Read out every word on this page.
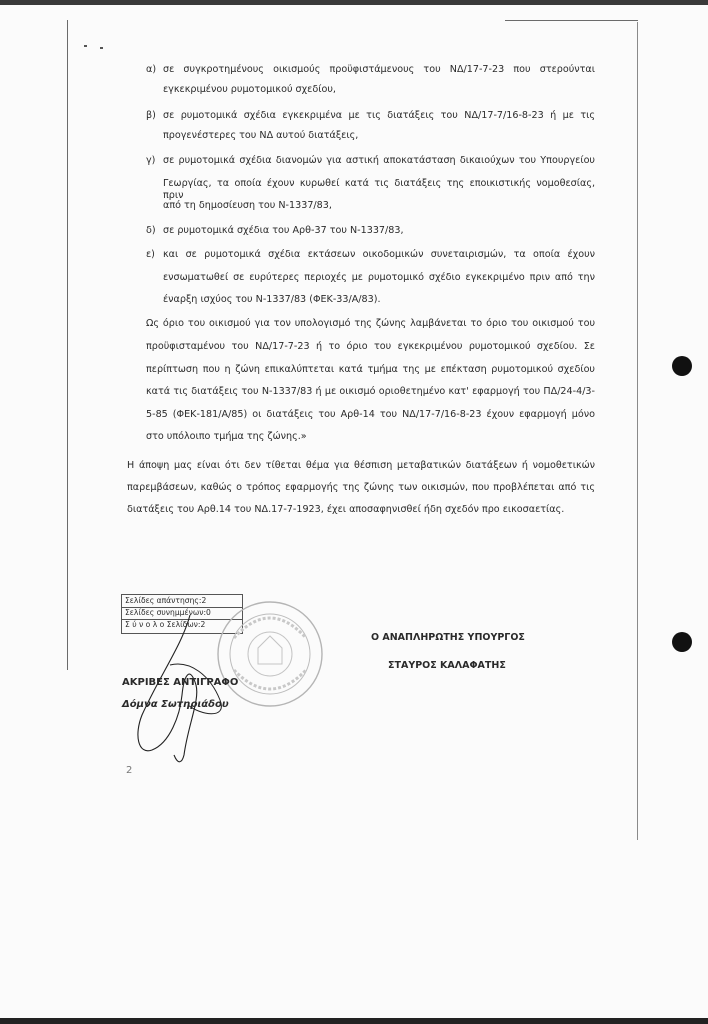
α) σε συγκροτημένους οικισμούς προϋφιστάμενους του ΝΔ/17-7-23 που στερούνται
εγκεκριμένου ρυμοτομικού σχεδίου,
β) σε ρυμοτομικά σχέδια εγκεκριμένα με τις διατάξεις του ΝΔ/17-7/16-8-23 ή με τις
προγενέστερες του ΝΔ αυτού διατάξεις,
γ) σε ρυμοτομικά σχέδια διανομών για αστική αποκατάσταση δικαιούχων του Υπουργείου
Γεωργίας, τα οποία έχουν κυρωθεί κατά τις διατάξεις της εποικιστικής νομοθεσίας, πριν
από τη δημοσίευση του Ν-1337/83,
δ) σε ρυμοτομικά σχέδια του Αρθ-37 του Ν-1337/83,
ε) και σε ρυμοτομικά σχέδια εκτάσεων οικοδομικών συνεταιρισμών, τα οποία έχουν
ενσωματωθεί σε ευρύτερες περιοχές με ρυμοτομικό σχέδιο εγκεκριμένο πριν από την
έναρξη ισχύος του Ν-1337/83 (ΦΕΚ-33/Α/83).
Ως όριο του οικισμού για τον υπολογισμό της ζώνης λαμβάνεται το όριο του οικισμού του
προϋφισταμένου του ΝΔ/17-7-23 ή το όριο του εγκεκριμένου ρυμοτομικού σχεδίου. Σε
περίπτωση που η ζώνη επικαλύπτεται κατά τμήμα της με επέκταση ρυμοτομικού σχεδίου
κατά τις διατάξεις του Ν-1337/83 ή με οικισμό οριοθετημένο κατ' εφαρμογή του ΠΔ/24-4/3-
5-85 (ΦΕΚ-181/Α/85) οι διατάξεις του Αρθ-14 του ΝΔ/17-7/16-8-23 έχουν εφαρμογή μόνο
στο υπόλοιπο τμήμα της ζώνης.»
Η άποψη μας είναι ότι δεν τίθεται θέμα για θέσπιση μεταβατικών διατάξεων ή νομοθετικών
παρεμβάσεων, καθώς ο τρόπος εφαρμογής της ζώνης των οικισμών, που προβλέπεται από τις
διατάξεις του Αρθ.14 του ΝΔ.17-7-1923, έχει αποσαφηνισθεί ήδη σχεδόν προ εικοσαετίας.
Σελίδες απάντησης:2
Σελίδες συνημμένων:0
Σ ύ ν ο λ ο Σελίδων:2
ΑΚΡΙΒΕΣ ΑΝΤΙΓΡΑΦΟ
Δόμνα Σωτηριάδου
2
Ο ΑΝΑΠΛΗΡΩΤΗΣ ΥΠΟΥΡΓΟΣ
ΣΤΑΥΡΟΣ ΚΑΛΑΦΑΤΗΣ
